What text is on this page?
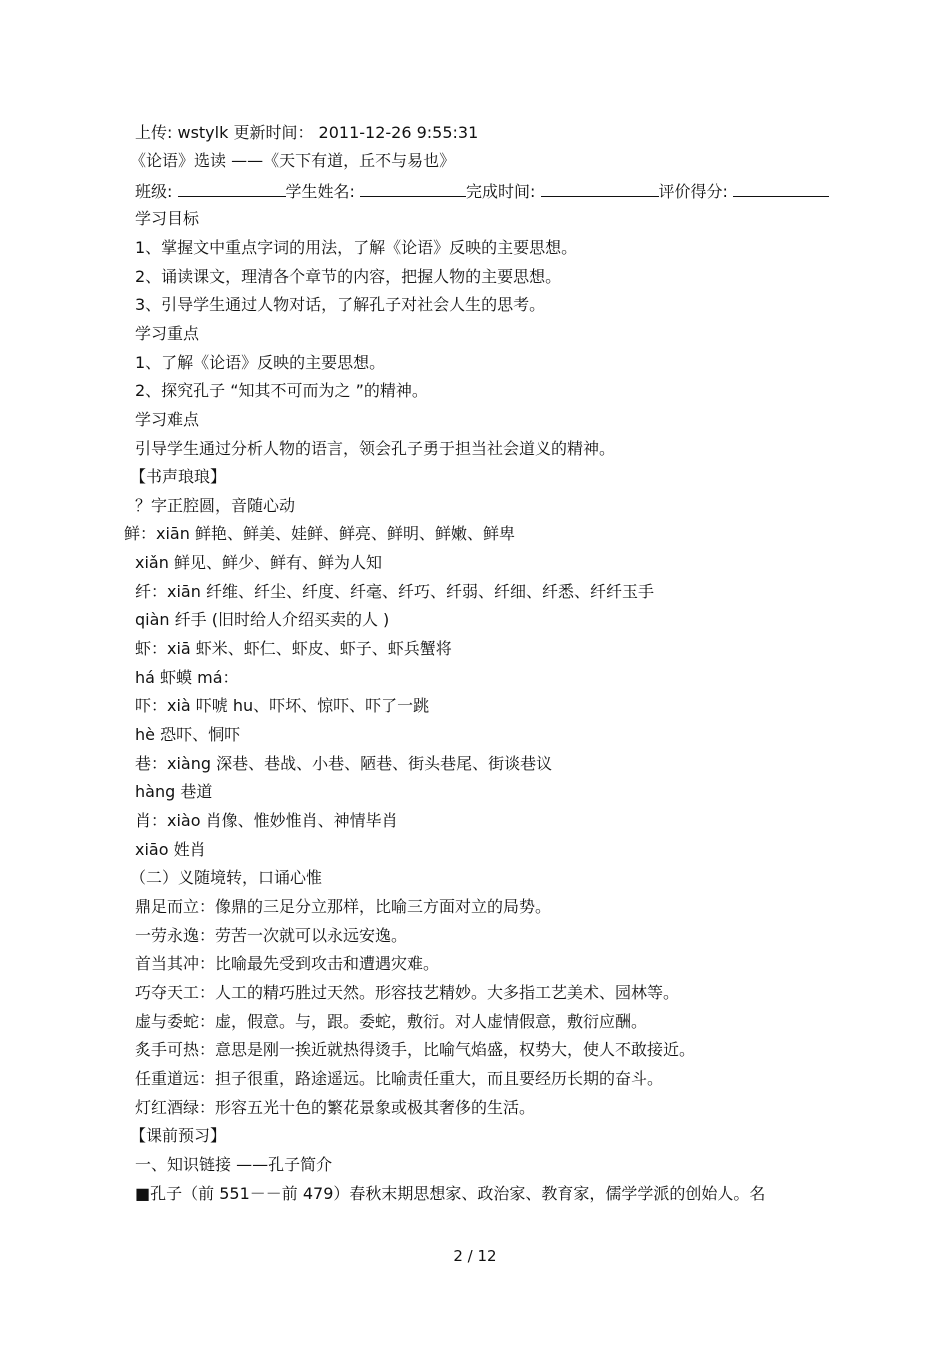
上传: wstylk 更新时间： 2011-12-26 9:55:31
《论语》选读 ——《天下有道，丘不与易也》
班级:	学生姓名:	完成时间:	评价得分:
学习目标
1、掌握文中重点字词的用法，了解《论语》反映的主要思想。
2、诵读课文，理清各个章节的内容，把握人物的主要思想。
3、引导学生通过人物对话，了解孔子对社会人生的思考。
学习重点
1、了解《论语》反映的主要思想。
2、探究孔子 “知其不可而为之 ”的精神。
学习难点
引导学生通过分析人物的语言，领会孔子勇于担当社会道义的精神。
【书声琅琅】
？字正腔圆，音随心动
鲜：xiān 鲜艳、鲜美、娃鲜、鲜亮、鲜明、鲜嫩、鲜卑
xiǎn 鲜见、鲜少、鲜有、鲜为人知
纤：xiān 纤维、纤尘、纤度、纤毫、纤巧、纤弱、纤细、纤悉、纤纤玉手
qiàn 纤手 (旧时给人介绍买卖的人 )
虾：xiā 虾米、虾仁、虾皮、虾子、虾兵蟹将
há 虾蟆 má：
吓：xià 吓唬 hu、吓坏、惊吓、吓了一跳
hè 恐吓、恫吓
巷：xiàng 深巷、巷战、小巷、陋巷、街头巷尾、街谈巷议
hàng 巷道
肖：xiào 肖像、惟妙惟肖、神情毕肖
xiāo 姓肖
（二）义随境转，口诵心惟
鼎足而立：像鼎的三足分立那样，比喻三方面对立的局势。
一劳永逸：劳苦一次就可以永远安逸。
首当其冲：比喻最先受到攻击和遭遇灾难。
巧夺天工：人工的精巧胜过天然。形容技艺精妙。大多指工艺美术、园林等。
虚与委蛇：虚，假意。与，跟。委蛇，敷衍。对人虚情假意，敷衍应酬。
炙手可热：意思是刚一挨近就热得烫手，比喻气焰盛，权势大，使人不敢接近。
任重道远：担子很重，路途遥远。比喻责任重大，而且要经历长期的奋斗。
灯红酒绿：形容五光十色的繁花景象或极其奢侈的生活。
【课前预习】
一、知识链接 ——孔子简介
■孔子（前 551－－前 479）春秋末期思想家、政治家、教育家，儒学学派的创始人。名
2 / 12
